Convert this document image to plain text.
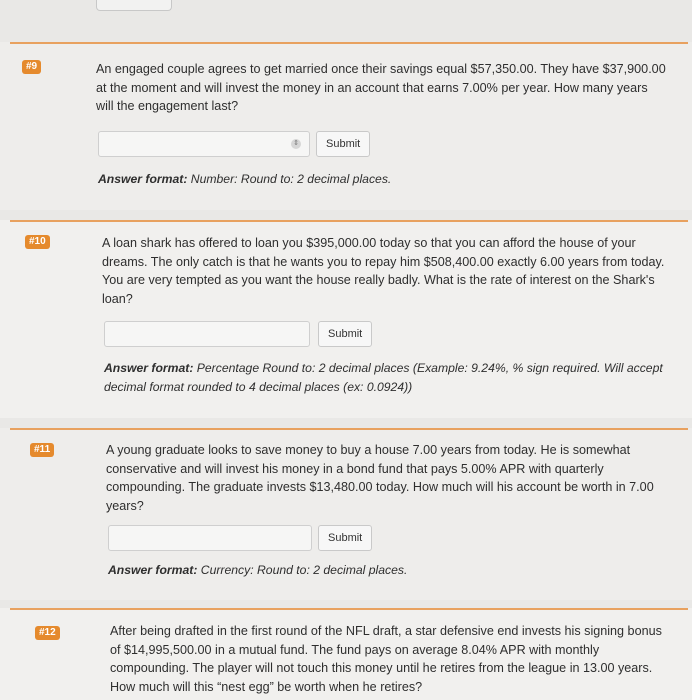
#9	An engaged couple agrees to get married once their savings equal $57,350.00. They have $37,900.00 at the moment and will invest the money in an account that earns 7.00% per year. How many years will the engagement last?
⇕	Submit
Answer format: Number: Round to: 2 decimal places.
#10	A loan shark has offered to loan you $395,000.00 today so that you can afford the house of your dreams. The only catch is that he wants you to repay him $508,400.00 exactly 6.00 years from today. You are very tempted as you want the house really badly. What is the rate of interest on the Shark's loan?
Submit
Answer format: Percentage Round to: 2 decimal places (Example: 9.24%, % sign required. Will accept decimal format rounded to 4 decimal places (ex: 0.0924))
#11	A young graduate looks to save money to buy a house 7.00 years from today. He is somewhat conservative and will invest his money in a bond fund that pays 5.00% APR with quarterly compounding. The graduate invests $13,480.00 today. How much will his account be worth in 7.00 years?
Submit
Answer format: Currency: Round to: 2 decimal places.
#12	After being drafted in the first round of the NFL draft, a star defensive end invests his signing bonus of $14,995,500.00 in a mutual fund. The fund pays on average 8.04% APR with monthly compounding. The player will not touch this money until he retires from the league in 13.00 years. How much will this “nest egg” be worth when he retires?
